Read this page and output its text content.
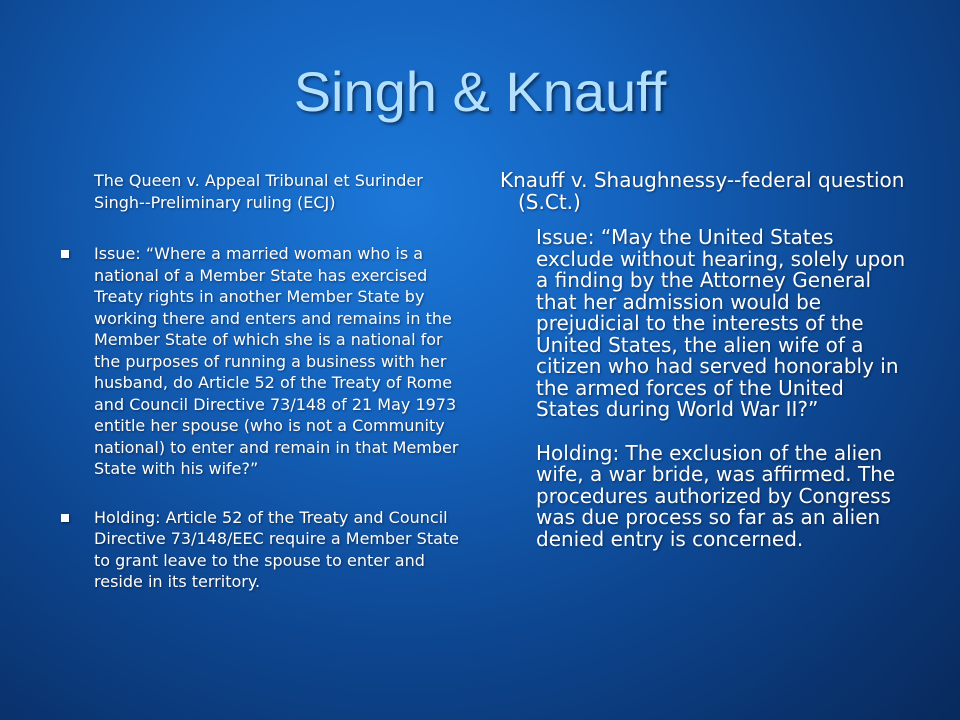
Singh & Knauff

The Queen v. Appeal Tribunal et Surinder Singh--Preliminary ruling (ECJ)

Issue: “Where a married woman who is a national of a Member State has exercised Treaty rights in another Member State by working there and enters and remains in the Member State of which she is a national for the purposes of running a business with her husband, do Article 52 of the Treaty of Rome and Council Directive 73/148 of 21 May 1973 entitle her spouse (who is not a Community national) to enter and remain in that Member State with his wife?”
Holding: Article 52 of the Treaty and Council Directive 73/148/EEC require a Member State to grant leave to the spouse to enter and reside in its territory.

Knauff v. Shaughnessy--federal question (S.Ct.)

Issue: “May the United States exclude without hearing, solely upon a finding by the Attorney General that her admission would be prejudicial to the interests of the United States, the alien wife of a citizen who had served honorably in the armed forces of the United States during World War II?”

Holding: The exclusion of the alien wife, a war bride, was affirmed. The procedures authorized by Congress was due process so far as an alien denied entry is concerned.
